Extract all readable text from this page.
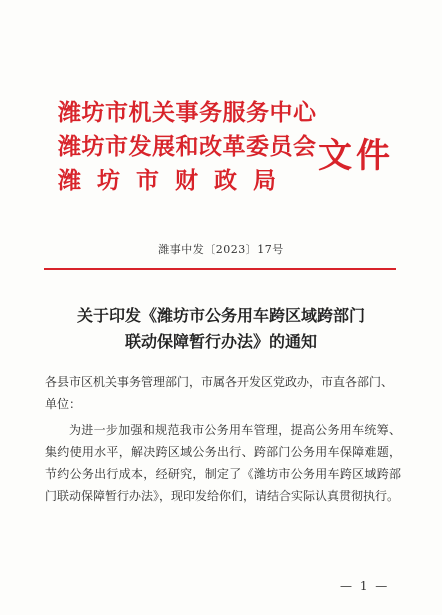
潍坊市机关事务服务中心
潍坊市发展和改革委员会
潍坊市财政局
文件
潍事中发〔2023〕17号
关于印发《潍坊市公务用车跨区域跨部门
联动保障暂行办法》的通知

各县市区机关事务管理部门，市属各开发区党政办，市直各部门、单位：

为进一步加强和规范我市公务用车管理，提高公务用车统筹、集约使用水平，解决跨区域公务出行、跨部门公务用车保障难题，节约公务出行成本，经研究，制定了《潍坊市公务用车跨区域跨部门联动保障暂行办法》，现印发给你们，请结合实际认真贯彻执行。

— 1 —
